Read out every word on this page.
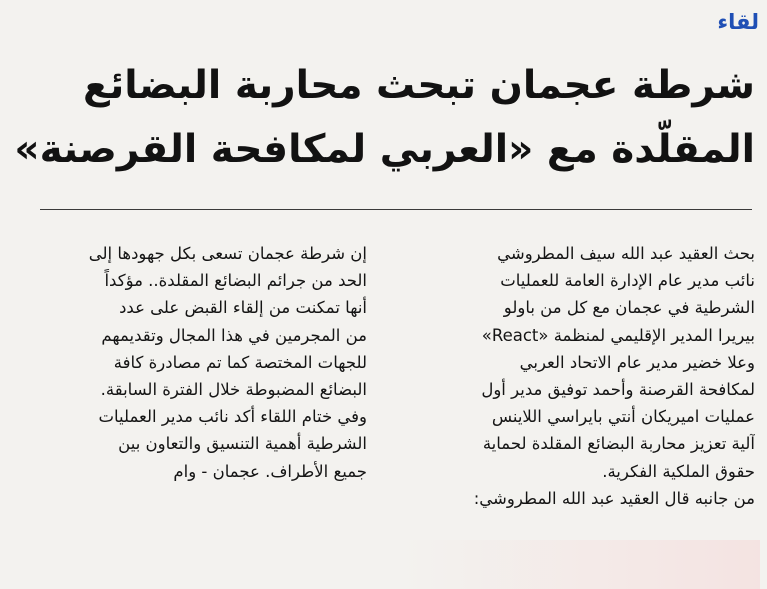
لقاء
شرطة عجمان تبحث محاربة البضائع
المقلّدة مع «العربي لمكافحة القرصنة»
بحث العقيد عبد الله سيف المطروشي
نائب مدير عام الإدارة العامة للعمليات
الشرطية في عجمان مع كل من باولو
بيريرا المدير الإقليمي لمنظمة «React»
وعلا خضير مدير عام الاتحاد العربي
لمكافحة القرصنة وأحمد توفيق مدير أول
عمليات اميريكان أنتي بايراسي اللاينس
آلية تعزيز محاربة البضائع المقلدة لحماية
حقوق الملكية الفكرية.
من جانبه قال العقيد عبد الله المطروشي:
إن شرطة عجمان تسعى بكل جهودها إلى
الحد من جرائم البضائع المقلدة.. مؤكداً
أنها تمكنت من إلقاء القبض على عدد
من المجرمين في هذا المجال وتقديمهم
للجهات المختصة كما تم مصادرة كافة
البضائع المضبوطة خلال الفترة السابقة.
وفي ختام اللقاء أكد نائب مدير العمليات
الشرطية أهمية التنسيق والتعاون بين
جميع الأطراف. عجمان - وام
